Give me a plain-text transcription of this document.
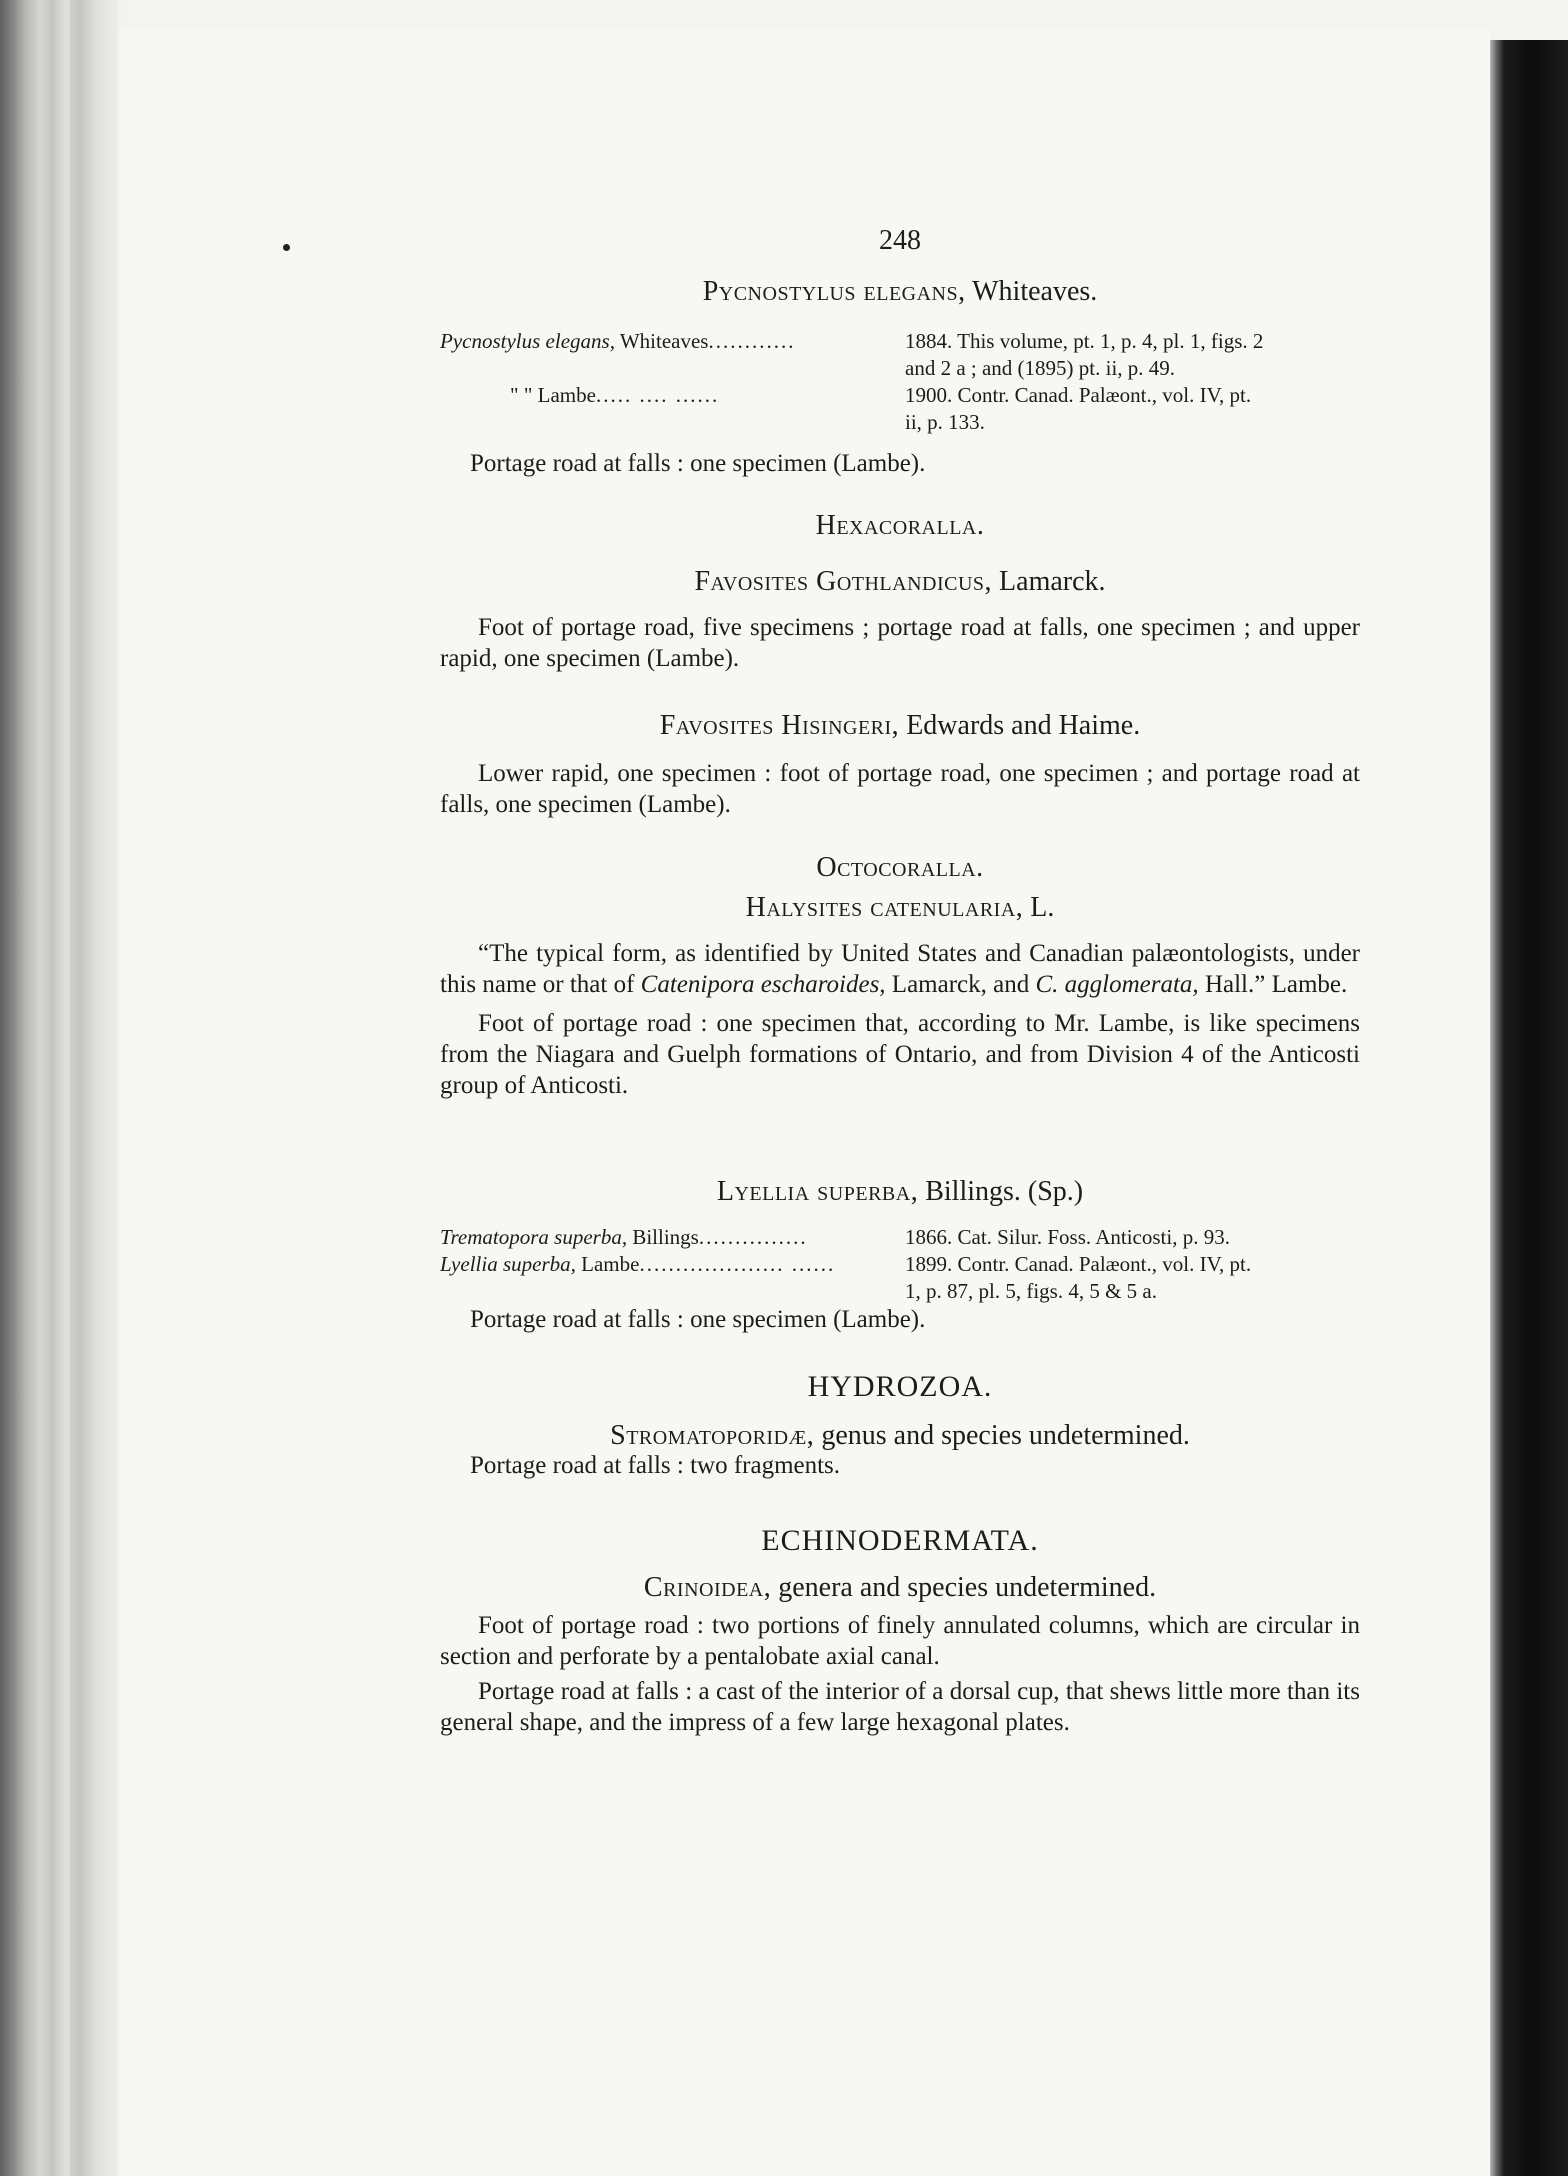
248
Pycnostylus elegans, Whiteaves.
Pycnostylus elegans, Whiteaves............	1884. This volume, pt. 1, p. 4, pl. 1, figs. 2
and 2 a ; and (1895) pt. ii, p. 49.
" " Lambe..... .... ......	1900. Contr. Canad. Palæont., vol. IV, pt.
ii, p. 133.

Portage road at falls : one specimen (Lambe).

Hexacoralla.
Favosites Gothlandicus, Lamarck.

Foot of portage road, five specimens ; portage road at falls, one specimen ; and upper rapid, one specimen (Lambe).

Favosites Hisingeri, Edwards and Haime.

Lower rapid, one specimen : foot of portage road, one specimen ; and portage road at falls, one specimen (Lambe).

Octocoralla.
Halysites catenularia, L.

“The typical form, as identified by United States and Canadian palæontologists, under this name or that of Catenipora escharoides, Lamarck, and C. agglomerata, Hall.” Lambe.

Foot of portage road : one specimen that, according to Mr. Lambe, is like specimens from the Niagara and Guelph formations of Ontario, and from Division 4 of the Anticosti group of Anticosti.

Lyellia superba, Billings. (Sp.)
Trematopora superba, Billings...............	1866. Cat. Silur. Foss. Anticosti, p. 93.
Lyellia superba, Lambe.................... ......	1899. Contr. Canad. Palæont., vol. IV, pt.
1, p. 87, pl. 5, figs. 4, 5 & 5 a.

Portage road at falls : one specimen (Lambe).

HYDROZOA.
Stromatoporidæ, genus and species undetermined.

Portage road at falls : two fragments.

ECHINODERMATA.
Crinoidea, genera and species undetermined.

Foot of portage road : two portions of finely annulated columns, which are circular in section and perforate by a pentalobate axial canal.

Portage road at falls : a cast of the interior of a dorsal cup, that shews little more than its general shape, and the impress of a few large hexagonal plates.
